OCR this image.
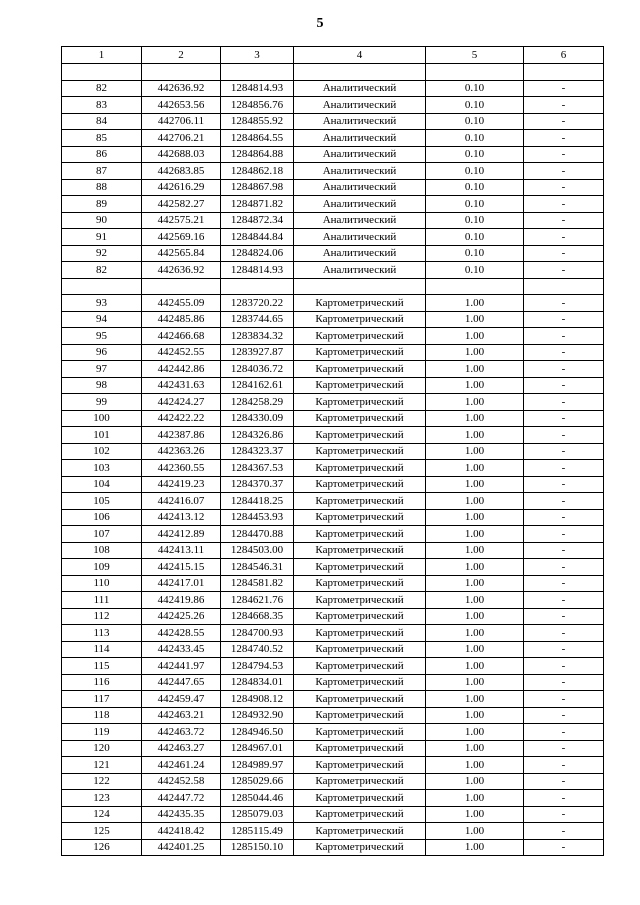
5
1	2	3	4	5	6

82	442636.92	1284814.93	Аналитический	0.10	-
83	442653.56	1284856.76	Аналитический	0.10	-
84	442706.11	1284855.92	Аналитический	0.10	-
85	442706.21	1284864.55	Аналитический	0.10	-
86	442688.03	1284864.88	Аналитический	0.10	-
87	442683.85	1284862.18	Аналитический	0.10	-
88	442616.29	1284867.98	Аналитический	0.10	-
89	442582.27	1284871.82	Аналитический	0.10	-
90	442575.21	1284872.34	Аналитический	0.10	-
91	442569.16	1284844.84	Аналитический	0.10	-
92	442565.84	1284824.06	Аналитический	0.10	-
82	442636.92	1284814.93	Аналитический	0.10	-

93	442455.09	1283720.22	Картометрический	1.00	-
94	442485.86	1283744.65	Картометрический	1.00	-
95	442466.68	1283834.32	Картометрический	1.00	-
96	442452.55	1283927.87	Картометрический	1.00	-
97	442442.86	1284036.72	Картометрический	1.00	-
98	442431.63	1284162.61	Картометрический	1.00	-
99	442424.27	1284258.29	Картометрический	1.00	-
100	442422.22	1284330.09	Картометрический	1.00	-
101	442387.86	1284326.86	Картометрический	1.00	-
102	442363.26	1284323.37	Картометрический	1.00	-
103	442360.55	1284367.53	Картометрический	1.00	-
104	442419.23	1284370.37	Картометрический	1.00	-
105	442416.07	1284418.25	Картометрический	1.00	-
106	442413.12	1284453.93	Картометрический	1.00	-
107	442412.89	1284470.88	Картометрический	1.00	-
108	442413.11	1284503.00	Картометрический	1.00	-
109	442415.15	1284546.31	Картометрический	1.00	-
110	442417.01	1284581.82	Картометрический	1.00	-
111	442419.86	1284621.76	Картометрический	1.00	-
112	442425.26	1284668.35	Картометрический	1.00	-
113	442428.55	1284700.93	Картометрический	1.00	-
114	442433.45	1284740.52	Картометрический	1.00	-
115	442441.97	1284794.53	Картометрический	1.00	-
116	442447.65	1284834.01	Картометрический	1.00	-
117	442459.47	1284908.12	Картометрический	1.00	-
118	442463.21	1284932.90	Картометрический	1.00	-
119	442463.72	1284946.50	Картометрический	1.00	-
120	442463.27	1284967.01	Картометрический	1.00	-
121	442461.24	1284989.97	Картометрический	1.00	-
122	442452.58	1285029.66	Картометрический	1.00	-
123	442447.72	1285044.46	Картометрический	1.00	-
124	442435.35	1285079.03	Картометрический	1.00	-
125	442418.42	1285115.49	Картометрический	1.00	-
126	442401.25	1285150.10	Картометрический	1.00	-
